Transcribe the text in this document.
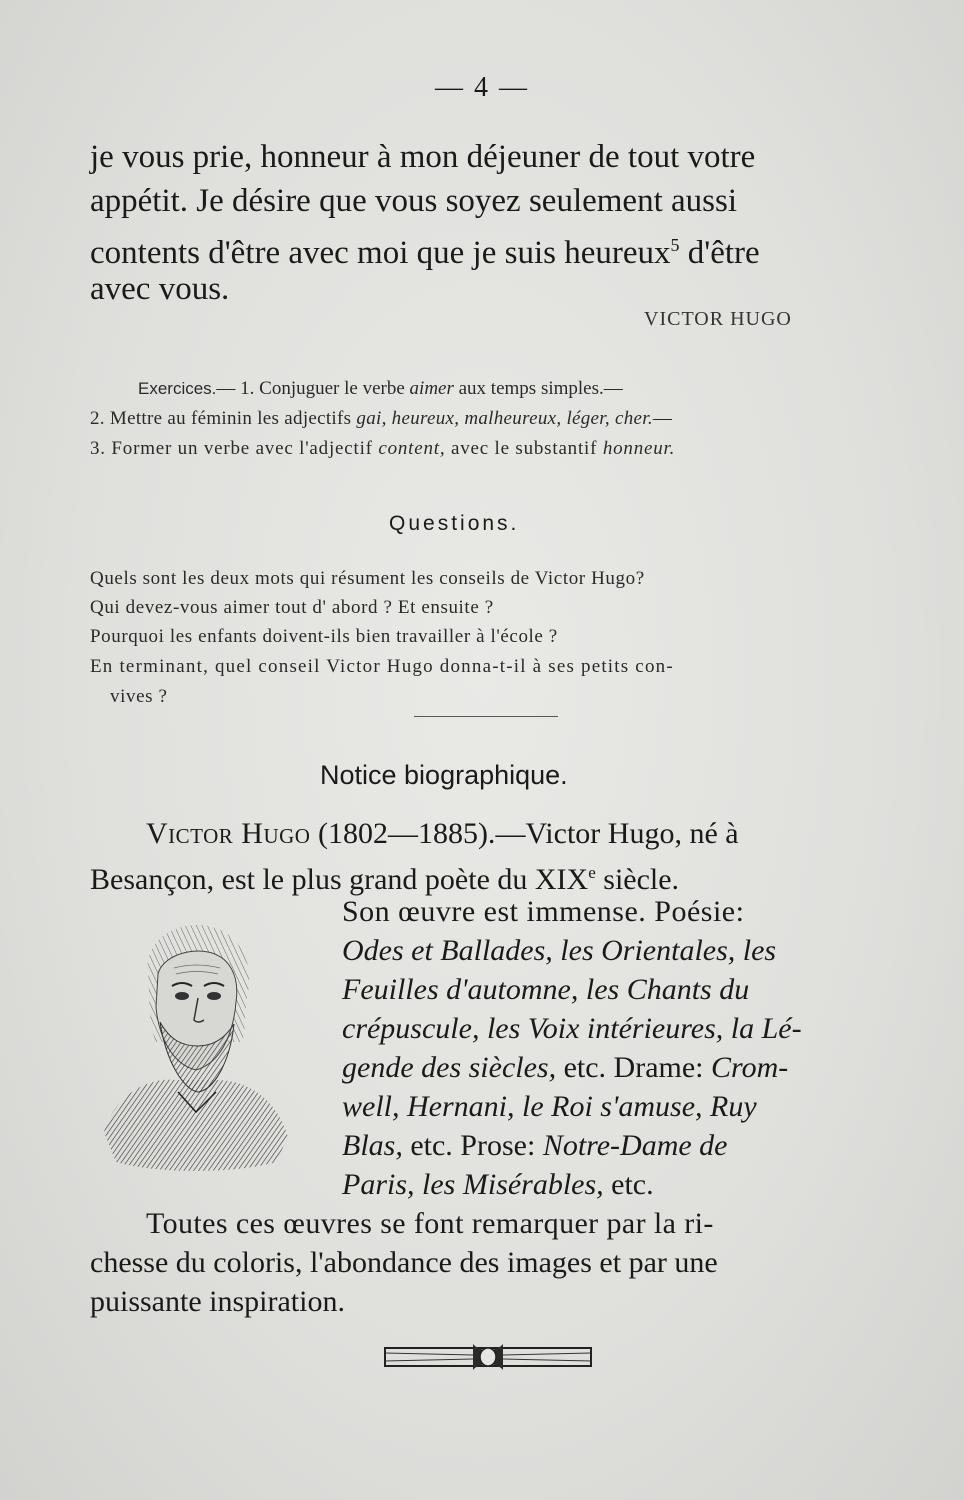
— 4 —
je vous prie, honneur à mon déjeuner de tout votre
appétit. Je désire que vous soyez seulement aussi
contents d'être avec moi que je suis heureux$^5$ d'être
avec vous.
VICTOR HUGO
Exercices.— 1. Conjuguer le verbe aimer aux temps simples.—
2. Mettre au féminin les adjectifs gai, heureux, malheureux, léger, cher.—
3. Former un verbe avec l'adjectif content, avec le substantif honneur.
Questions.
Quels sont les deux mots qui résument les conseils de Victor Hugo?
Qui devez-vous aimer tout d' abord ? Et ensuite ?
Pourquoi les enfants doivent-ils bien travailler à l'école ?
En terminant, quel conseil Victor Hugo donna-t-il à ses petits con-
vives ?
Notice biographique.
Victor Hugo (1802—1885).—Victor Hugo, né à
Besançon, est le plus grand poète du XIXe siècle.
Son œuvre est immense. Poésie:
Odes et Ballades, les Orientales, les
Feuilles d'automne, les Chants du
crépuscule, les Voix intérieures, la Lé-
gende des siècles, etc. Drame: Crom-
well, Hernani, le Roi s'amuse, Ruy
Blas, etc. Prose: Notre-Dame de
Paris, les Misérables, etc.
Toutes ces œuvres se font remarquer par la ri-
chesse du coloris, l'abondance des images et par une
puissante inspiration.
